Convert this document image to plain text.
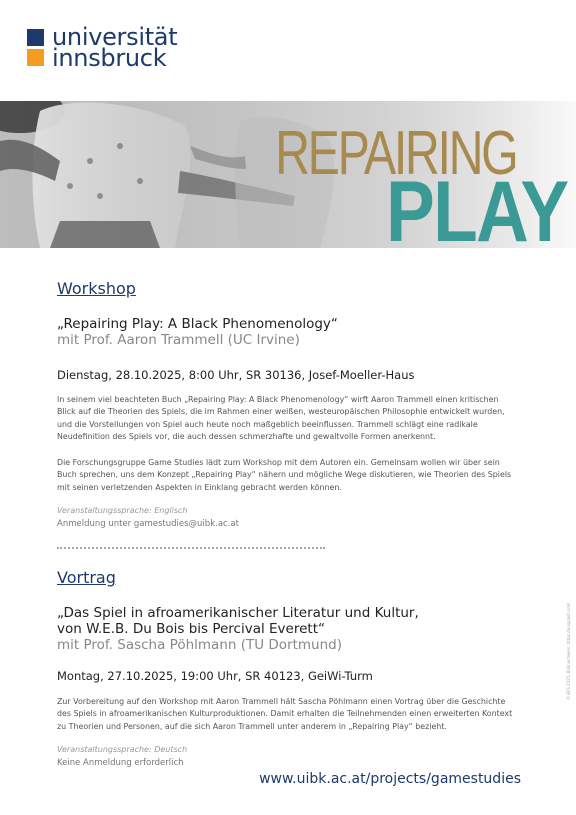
universität
innsbruck
REPAIRING
PLAY
Workshop
„Repairing Play: A Black Phenomenology“
mit Prof. Aaron Trammell (UC Irvine)
Dienstag, 28.10.2025, 8:00 Uhr, SR 30136, Josef-Moeller-Haus

In seinem viel beachteten Buch „Repairing Play: A Black Phenomenology“ wirft Aaron Trammell einen kritischen Blick auf die Theorien des Spiels, die im Rahmen einer weißen, westeuropäischen Philosophie entwickelt wurden, und die Vorstellungen von Spiel auch heute noch maßgeblich beeinflussen. Trammell schlägt eine radikale Neudefinition des Spiels vor, die auch dessen schmerzhafte und gewaltvolle Formen anerkennt.

Die Forschungsgruppe Game Studies lädt zum Workshop mit dem Autoren ein. Gemeinsam wollen wir über sein Buch sprechen, uns dem Konzept „Repairing Play“ nähern und mögliche Wege diskutieren, wie Theorien des Spiels mit seinen verletzenden Aspekten in Einklang gebracht werden können.

Veranstaltungssprache: Englisch
Anmeldung unter gamestudies@uibk.ac.at
Vortrag
„Das Spiel in afroamerikanischer Literatur und Kultur,
von W.E.B. Du Bois bis Percival Everett“
mit Prof. Sascha Pöhlmann (TU Dortmund)
Montag, 27.10.2025, 19:00 Uhr, SR 40123, GeiWi-Turm

Zur Vorbereitung auf den Workshop mit Aaron Trammell hält Sascha Pöhlmann einen Vortrag über die Geschichte des Spiels in afroamerikanischen Kulturproduktionen. Damit erhalten die Teilnehmenden einen erweiterten Kontext zu Theorien und Personen, auf die sich Aaron Trammell unter anderem in „Repairing Play“ bezieht.

Veranstaltungssprache: Deutsch
Keine Anmeldung erforderlich
www.uibk.ac.at/projects/gamestudies
© BFS 2025, Bildnachweis: https://unsplash.com
